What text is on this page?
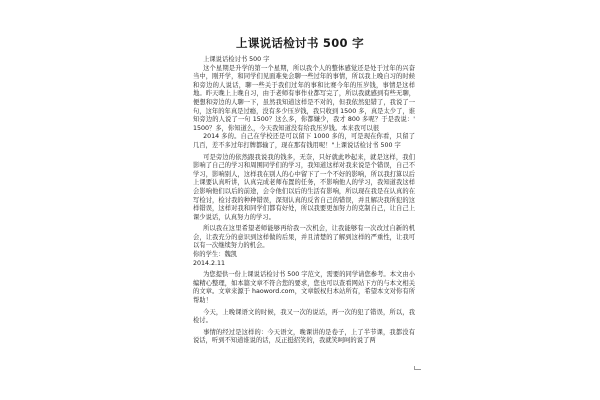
上课说话检讨书 500 字

上课说话检讨书 500 字

这个星期是升学的第一个星期，所以我个人的整体感觉还是处于过年的兴奋当中，刚开学，和同学们见面难免会聊一些过年的事情，所以我上晚自习的时候和旁边的人说话，聊一些关于我们过年的事和比赛今年的压岁钱，事情是这样地。昨天晚上上晚自习，由于老师有事作业都写完了，所以我就感到有些无聊，便想和旁边的人聊一下，虽然我知道这样是不对的，但我依然犯错了，我说了一句，这年的年真是过瘾，没有多少压岁钱，我只收到 1500 多，真是太少了，谁知旁边的人说了一句 1500？这么多，你都嫌少，我才 800 多呢？于是我说：' 1500？多，你知道么，今天我知道没有给我压岁钱。本来我可以很

2014 多的。自己在学校还是可以留下 1000 多的，可是现在你看，只留了几百，差不多过年打牌都输了，现在那有钱用呢！"上课说话检讨书 500 字

可是旁边的依然跟我说我的钱多，无奈，只好就此吵起来，就是这样，我们影响了自己的学习和周围同学们的学习，我知道这样对我来说是个错误，自己不学习，影响别人，这样我在别人的心中留下了一个不好的影响，所以我打算以后上课要认真听讲，认真完成老师布置的任务，不影响他人的学习，我知道我这样会影响他们以后的前途，会令他们以后的生活有影响，所以现在我是在认真的在写检讨，检讨我的种种错误，深刻认真的反省自己的错误，并且解决我所犯的这样错误，这样对我和同学们都有好处，所以我要更加努力的克制自己，让自己上课少说话，认真努力的学习。

所以我在这里希望老师能够再给我一次机会，让我能够有一次改过自新的机会，让我充分的意识到这样做的后果，并且清楚的了解到这样的严重性，让我可以有一次继续努力的机会。

你的学生：魏凯

2014.2.11

为您提供一份上课说话检讨书 500 字范文，需要的同学请您参考。本文由小编精心整理，如本篇文章不符合您的要求，您也可以查看网站下方的与本文相关的文章。文章来源于 haoword.com，文章版权归本站所有，希望本文对你有所帮助！

今天，上晚课语文的时候，我又一次的说话，再一次的犯了错误，所以，我检讨。

事情的经过是这样的：今天语文，晚课讲的是卷子，上了半节课，我都没有说话，听到不知道谁说的话，反正挺招笑的，我就笑呵呵的说了两
